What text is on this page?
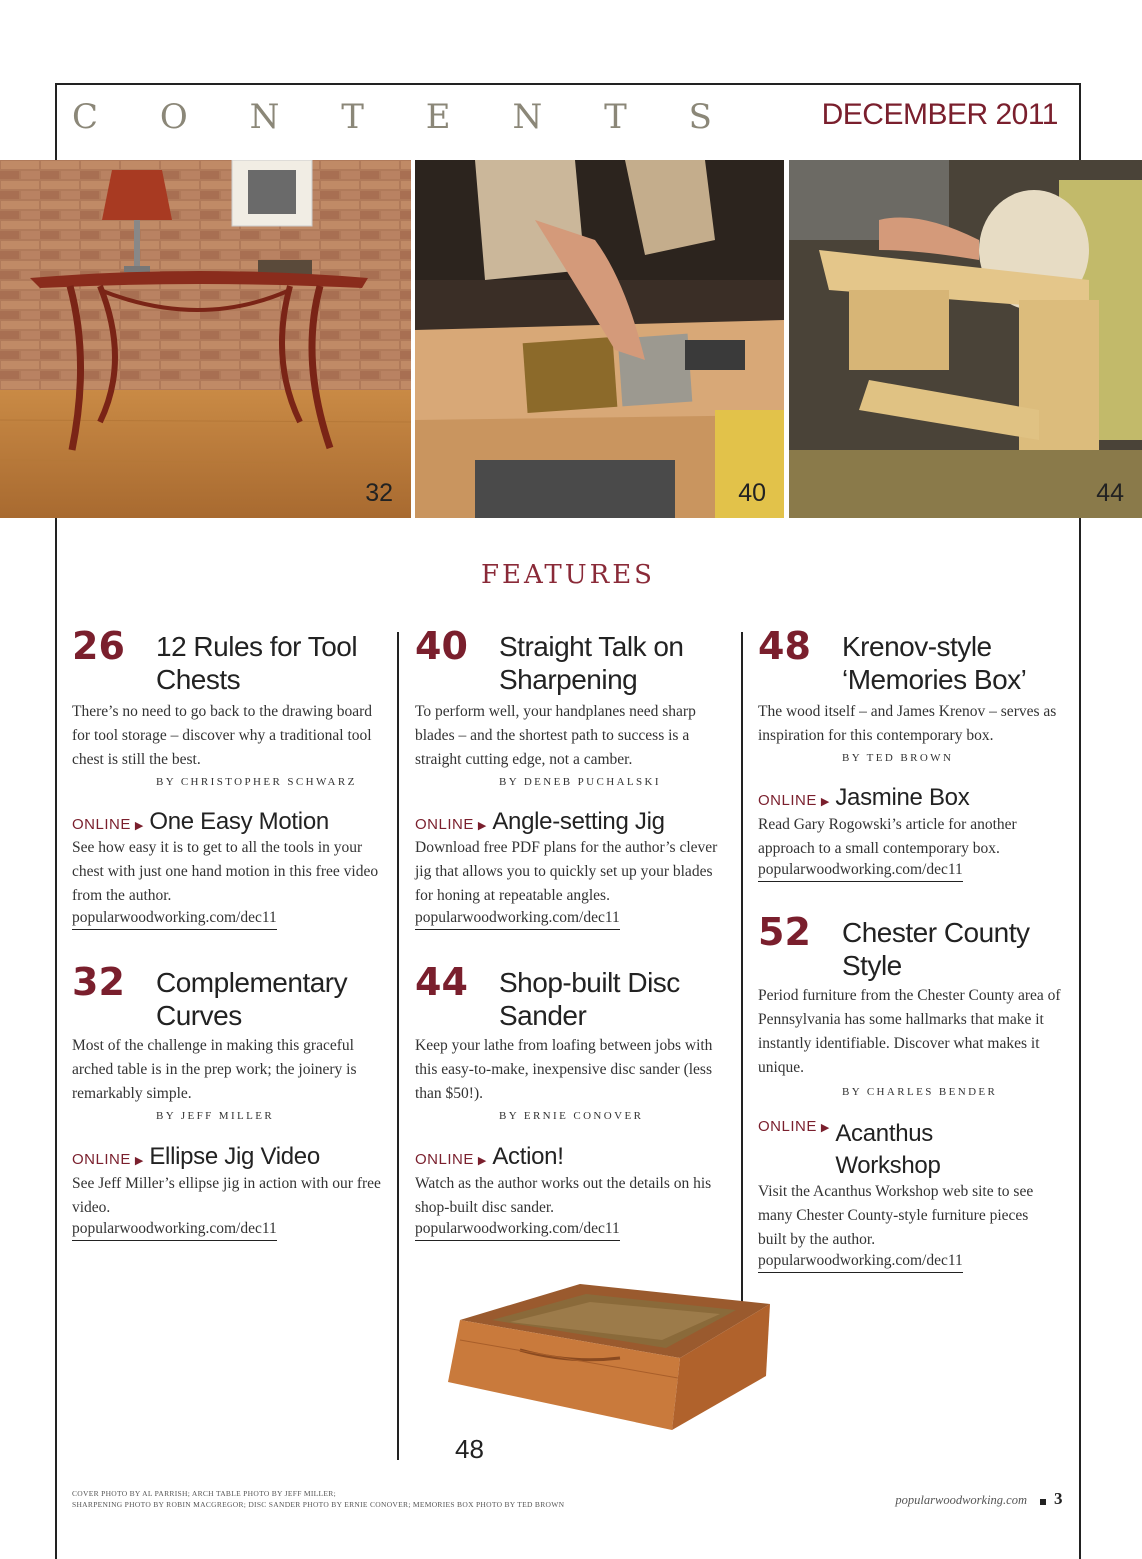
C O N T E N T S	DECEMBER 2011
32	40	44
FEATURES
26 12 Rules for Tool Chests
There’s no need to go back to the drawing board for tool storage – discover why a traditional tool chest is still the best.
BY CHRISTOPHER SCHWARZ
ONLINE ▶ One Easy Motion
See how easy it is to get to all the tools in your chest with just one hand motion in this free video from the author.
popularwoodworking.com/dec11
32 Complementary Curves
Most of the challenge in making this graceful arched table is in the prep work; the joinery is remarkably simple.
BY JEFF MILLER
ONLINE ▶ Ellipse Jig Video
See Jeff Miller’s ellipse jig in action with our free video.
popularwoodworking.com/dec11
40 Straight Talk on Sharpening
To perform well, your handplanes need sharp blades – and the shortest path to success is a straight cutting edge, not a camber.
BY DENEB PUCHALSKI
ONLINE ▶ Angle-setting Jig
Download free PDF plans for the author’s clever jig that allows you to quickly set up your blades for honing at repeatable angles.
popularwoodworking.com/dec11
44 Shop-built Disc Sander
Keep your lathe from loafing between jobs with this easy-to-make, inexpensive disc sander (less than $50!).
BY ERNIE CONOVER
ONLINE ▶ Action!
Watch as the author works out the details on his shop-built disc sander.
popularwoodworking.com/dec11
48 Krenov-style ‘Memories Box’
The wood itself – and James Krenov – serves as inspiration for this contemporary box.
BY TED BROWN
ONLINE ▶ Jasmine Box
Read Gary Rogowski’s article for another approach to a small contemporary box.
popularwoodworking.com/dec11
52 Chester County Style
Period furniture from the Chester County area of Pennsylvania has some hallmarks that make it instantly identifiable. Discover what makes it unique.
BY CHARLES BENDER
ONLINE ▶ Acanthus Workshop
Visit the Acanthus Workshop web site to see many Chester County-style furniture pieces built by the author.
popularwoodworking.com/dec11
48
COVER PHOTO BY AL PARRISH; ARCH TABLE PHOTO BY JEFF MILLER;
SHARPENING PHOTO BY ROBIN MACGREGOR; DISC SANDER PHOTO BY ERNIE CONOVER; MEMORIES BOX PHOTO BY TED BROWN	popularwoodworking.com 3
